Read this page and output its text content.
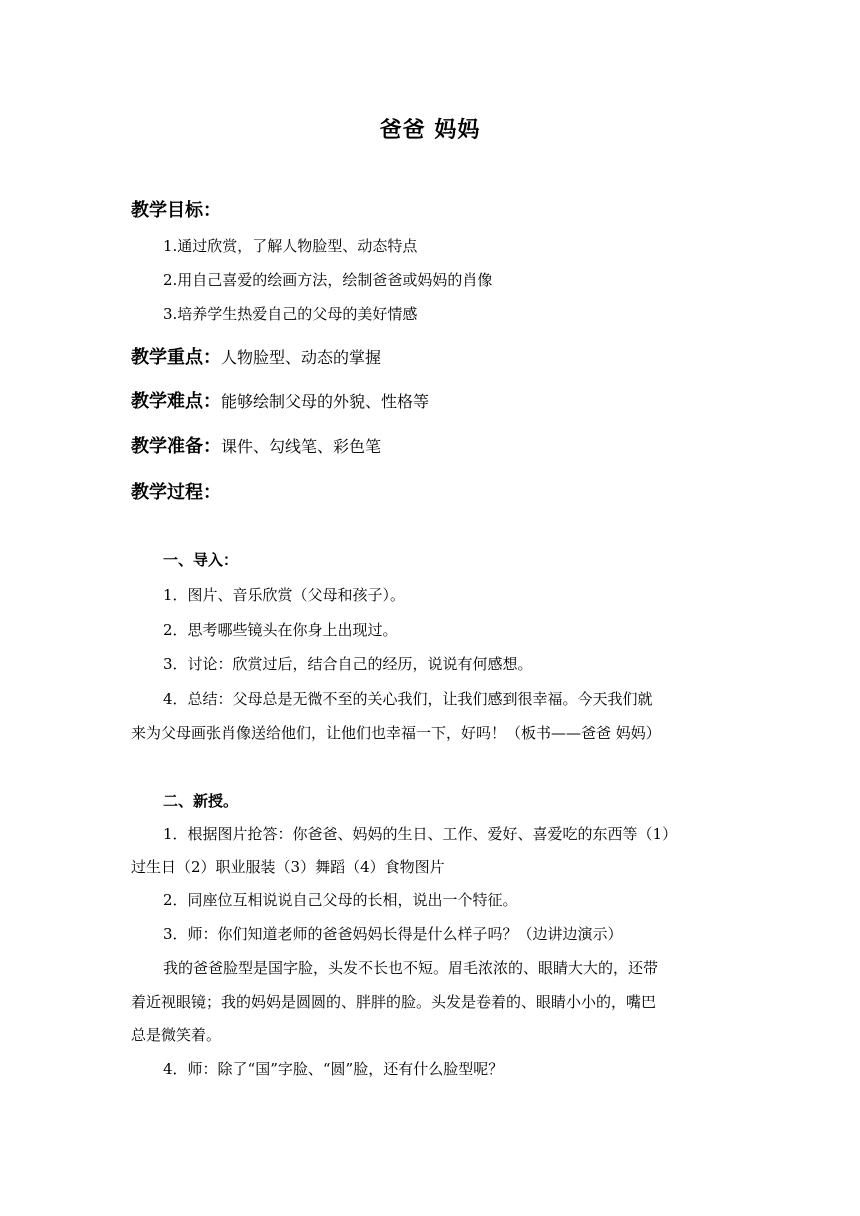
爸爸 妈妈
教学目标：
1.通过欣赏，了解人物脸型、动态特点
2.用自己喜爱的绘画方法，绘制爸爸或妈妈的肖像
3.培养学生热爱自己的父母的美好情感
教学重点：人物脸型、动态的掌握
教学难点：能够绘制父母的外貌、性格等
教学准备：课件、勾线笔、彩色笔
教学过程：
一、导入：
1．图片、音乐欣赏（父母和孩子）。
2．思考哪些镜头在你身上出现过。
3．讨论：欣赏过后，结合自己的经历，说说有何感想。
4．总结：父母总是无微不至的关心我们，让我们感到很幸福。今天我们就
来为父母画张肖像送给他们，让他们也幸福一下，好吗！（板书——爸爸 妈妈）
二、新授。
1．根据图片抢答：你爸爸、妈妈的生日、工作、爱好、喜爱吃的东西等（1）
过生日（2）职业服装（3）舞蹈（4）食物图片
2．同座位互相说说自己父母的长相，说出一个特征。
3．师：你们知道老师的爸爸妈妈长得是什么样子吗？（边讲边演示）
我的爸爸脸型是国字脸，头发不长也不短。眉毛浓浓的、眼睛大大的，还带
着近视眼镜；我的妈妈是圆圆的、胖胖的脸。头发是卷着的、眼睛小小的，嘴巴
总是微笑着。
4．师：除了“国”字脸、“圆”脸，还有什么脸型呢？
